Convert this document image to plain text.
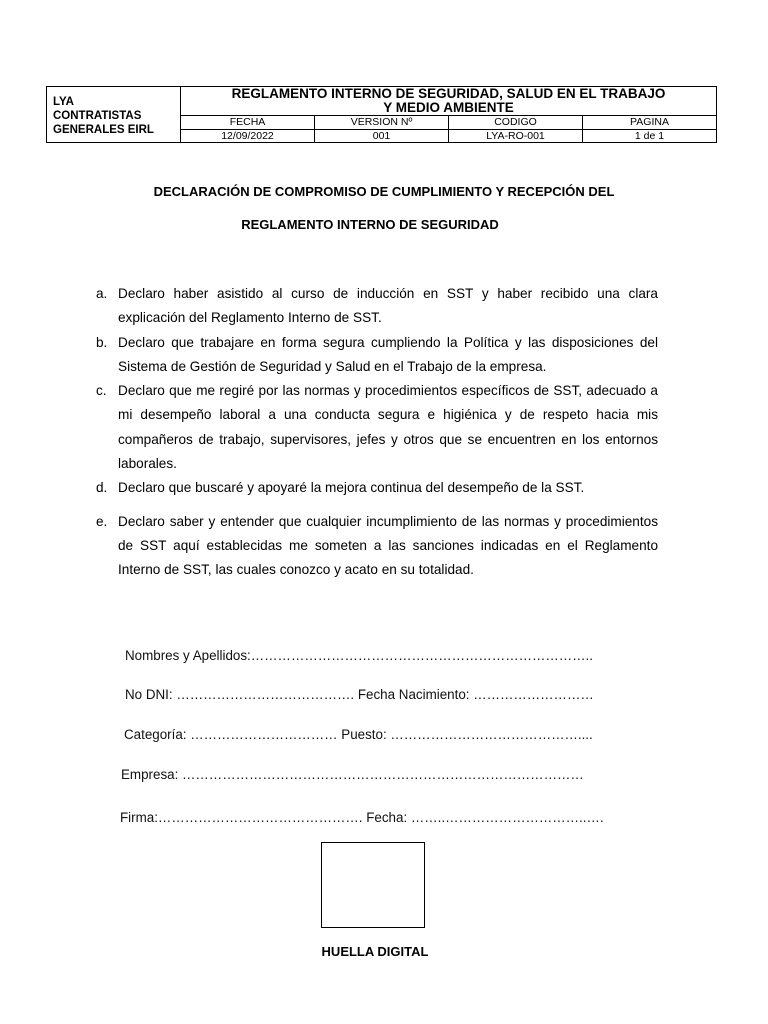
LYA
CONTRATISTAS
GENERALES EIRL
REGLAMENTO INTERNO DE SEGURIDAD, SALUD EN EL TRABAJO
Y MEDIO AMBIENTE
FECHA	VERSION Nº	CODIGO	PAGINA
12/09/2022	001	LYA-RO-001	1 de 1
DECLARACIÓN DE COMPROMISO DE CUMPLIMIENTO Y RECEPCIÓN DEL
REGLAMENTO INTERNO DE SEGURIDAD
a. Declaro haber asistido al curso de inducción en SST y haber recibido una clara explicación del Reglamento Interno de SST.
b. Declaro que trabajare en forma segura cumpliendo la Política y las disposiciones del Sistema de Gestión de Seguridad y Salud en el Trabajo de la empresa.
c. Declaro que me regiré por las normas y procedimientos específicos de SST, adecuado a mi desempeño laboral a una conducta segura e higiénica y de respeto hacia mis compañeros de trabajo, supervisores, jefes y otros que se encuentren en los entornos laborales.
d. Declaro que buscaré y apoyaré la mejora continua del desempeño de la SST.
e. Declaro saber y entender que cualquier incumplimiento de las normas y procedimientos de SST aquí establecidas me someten a las sanciones indicadas en el Reglamento Interno de SST, las cuales conozco y acato en su totalidad.
Nombres y Apellidos:…………………………………………………………………..
No DNI: …………………………………. Fecha Nacimiento: ………………………
Categoría: …………………………… Puesto: ……………………………………....
Empresa: ………………………………………………………………………………
Firma:………………………………………. Fecha: ……..…………………………..….
HUELLA DIGITAL
